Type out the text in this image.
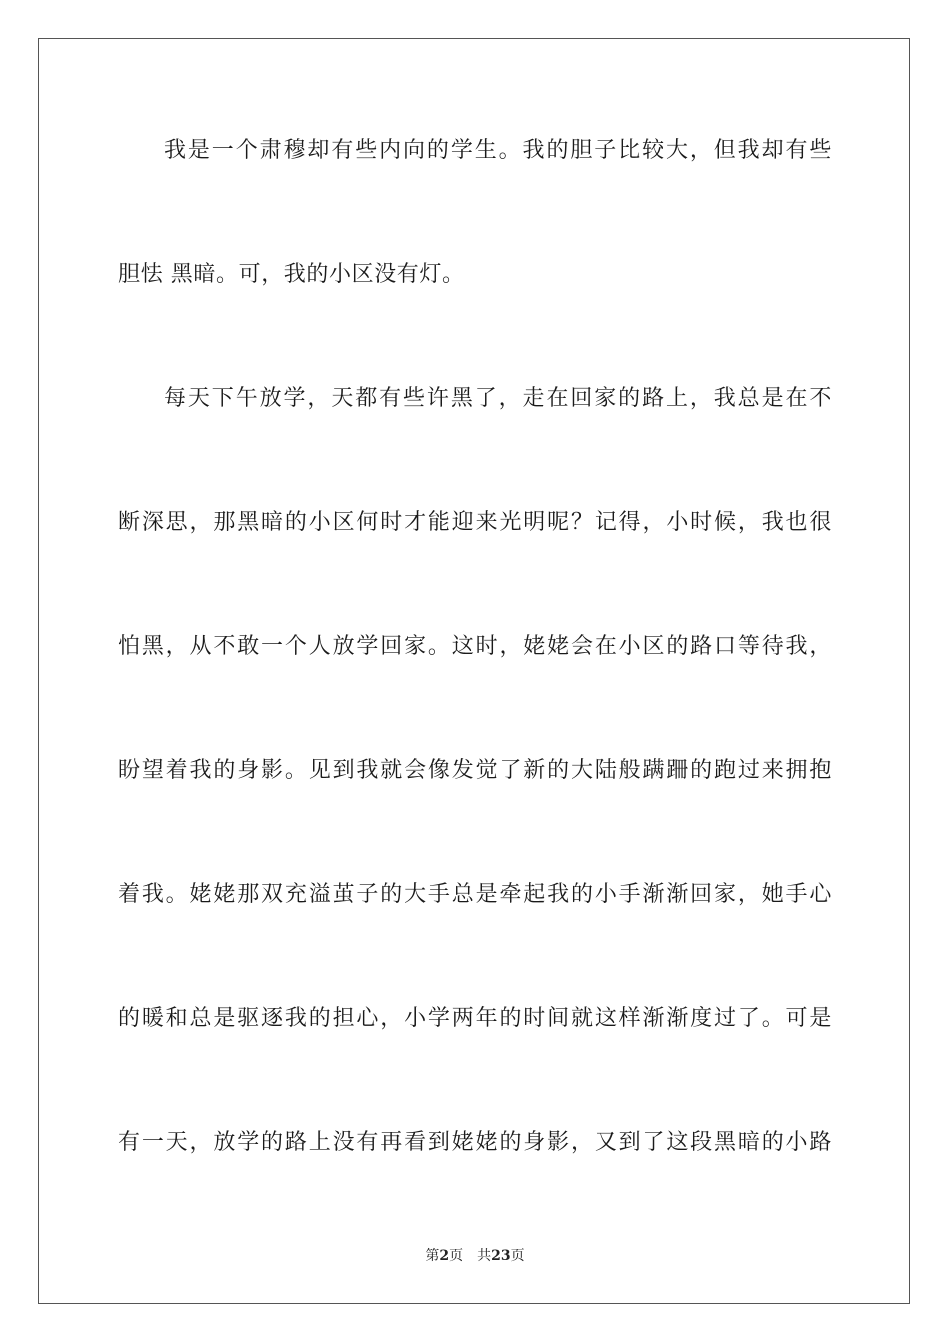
我是一个肃穆却有些内向的学生。我的胆子比较大，但我却有些
胆怯 黑暗。可，我的小区没有灯。
每天下午放学，天都有些许黑了，走在回家的路上，我总是在不
断深思，那黑暗的小区何时才能迎来光明呢？记得，小时候，我也很
怕黑，从不敢一个人放学回家。这时，姥姥会在小区的路口等待我，
盼望着我的身影。见到我就会像发觉了新的大陆般蹒跚的跑过来拥抱
着我。姥姥那双充溢茧子的大手总是牵起我的小手渐渐回家，她手心
的暖和总是驱逐我的担心，小学两年的时间就这样渐渐度过了。可是
有一天，放学的路上没有再看到姥姥的身影，又到了这段黑暗的小路
第2页 共23页
